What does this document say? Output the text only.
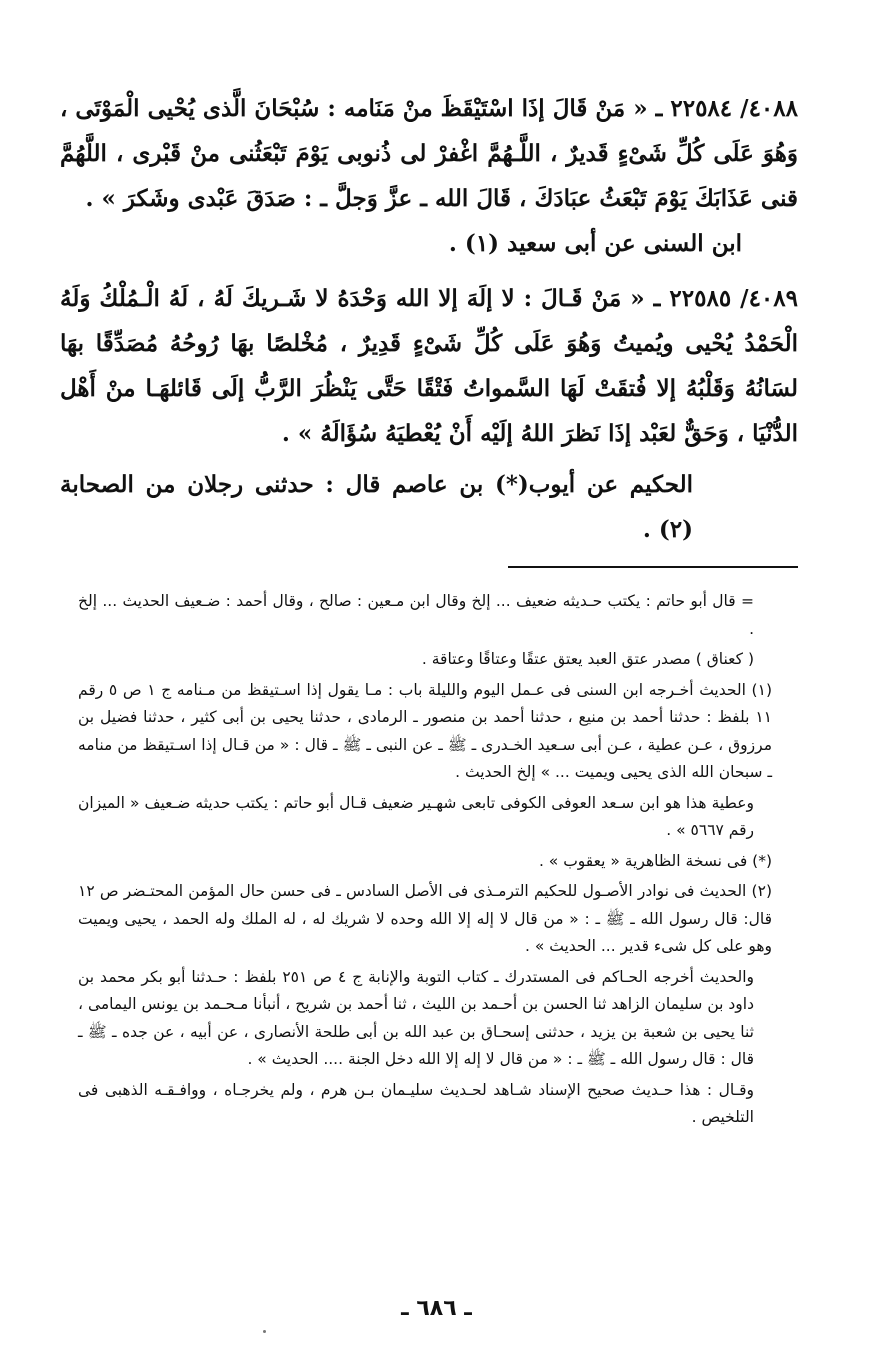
٤٠٨٨/ ٢٢٥٨٤ ـ « مَنْ قَالَ إذَا اسْتَيْقَظَ منْ مَنَامه : سُبْحَانَ الَّذى يُحْيى الْمَوْتَى ، وَهُوَ عَلَى كُلِّ شَىْءٍ قَديرٌ ، اللَّـهُمَّ اغْفرْ لى ذُنوبى يَوْمَ تَبْعَثُنى منْ قَبْرى ، اللَّهُمَّ قنى عَذَابَكَ يَوْمَ تَبْعَثُ عبَادَكَ ، قَالَ الله ـ عزَّ وَجلَّ ـ : صَدَقَ عَبْدى وشَكرَ » .

ابن السنى عن أبى سعيد (١) .

٤٠٨٩/ ٢٢٥٨٥ ـ « مَنْ قَـالَ : لا إلَهَ إلا الله وَحْدَهُ لا شَـريكَ لَهُ ، لَهُ الْـمُلْكُ وَلَهُ الْحَمْدُ يُحْيى ويُميتُ وَهُوَ عَلَى كُلِّ شَىْءٍ قَدِيرٌ ، مُخْلصًا بهَا رُوحُهُ مُصَدِّقًا بهَا لسَانُهُ وَقَلْبُهُ إلا فُتقَتْ لَهَا السَّمواتُ فَتْقًا حَتَّى يَنْظُرَ الرَّبُّ إلَى قَائلهَـا منْ أَهْل الدُّنْيَا ، وَحَقٌّ لعَبْد إذَا نَظرَ اللهُ إلَيْه أَنْ يُعْطيَهُ سُؤَالَهُ » .

الحكيم عن أيوب(*) بن عاصم قال : حدثنى رجلان من الصحابة (٢) .

= قال أبو حاتم : يكتب حـديثه ضعيف ... إلخ وقال ابن مـعين : صالح ، وقال أحمد : ضـعيف الحديث ... إلخ .

( كعناق ) مصدر عتق العبد يعتق عتقًا وعتاقًا وعتاقة .

(١) الحديث أخـرجه ابن السنى فى عـمل اليوم والليلة باب : مـا يقول إذا اسـتيقظ من مـنامه ج ١ ص ٥ رقم ١١ بلفظ : حدثنا أحمد بن منيع ، حدثنا أحمد بن منصور ـ الرمادى ، حدثنا يحيى بن أبى كثير ، حدثنا فضيل بن مرزوق ، عـن عطية ، عـن أبى سـعيد الخـدرى ـ ﷺ ـ عن النبى ـ ﷺ ـ قال : « من قـال إذا اسـتيقظ من منامه ـ سبحان الله الذى يحيى ويميت ... » إلخ الحديث .

وعطية هذا هو ابن سـعد العوفى الكوفى تابعى شهـير ضعيف قـال أبو حاتم : يكتب حديثه ضـعيف « الميزان رقم ٥٦٦٧ » .

(*) فى نسخة الظاهرية « يعقوب » .

(٢) الحديث فى نوادر الأصـول للحكيم الترمـذى فى الأصل السادس ـ فى حسن حال المؤمن المحتـضر ص ١٢ قال: قال رسول الله ـ ﷺ ـ : « من قال لا إله إلا الله وحده لا شريك له ، له الملك وله الحمد ، يحيى ويميت وهو على كل شىء قدير ... الحديث » .

والحديث أخرجه الحـاكم فى المستدرك ـ كتاب التوبة والإنابة ج ٤ ص ٢٥١ بلفظ : حـدثنا أبو بكر محمد بن داود بن سليمان الزاهد ثنا الحسن بن أحـمد بن الليث ، ثنا أحمد بن شريح ، أنبأنا مـحـمد بن يونس اليمامى ، ثنا يحيى بن شعبة بن يزيد ، حدثنى إسحـاق بن عبد الله بن أبى طلحة الأنصارى ، عن أبيه ، عن جده ـ ﷺ ـ قال : قال رسول الله ـ ﷺ ـ : « من قال لا إله إلا الله دخل الجنة .... الحديث » .

وقـال : هذا حـديث صحيح الإسناد شـاهد لحـديث سليـمان بـن هرم ، ولم يخرجـاه ، ووافـقـه الذهبى فى التلخيص .

ـ ٦٨٦ ـ
